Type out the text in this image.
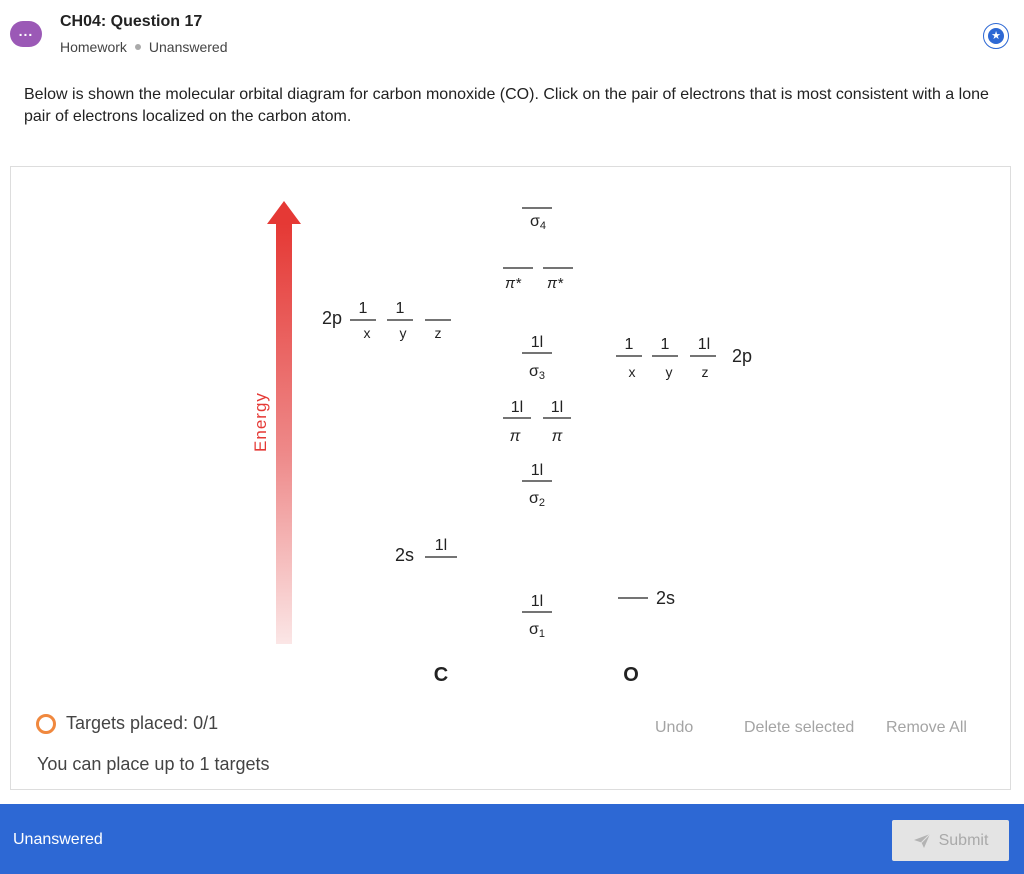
...
CH04: Question 17
Homework Unanswered
★
Below is shown the molecular orbital diagram for carbon monoxide (CO). Click on the pair of electrons that is most consistent with a lone pair of electrons localized on the carbon atom.
Energy
2p 1 1
x y z
2s 1l
C
σ4
π* π*
1l
σ3
1l 1l
π π
1l
σ2
1l
σ1
1 1 1l
2p
x y z
2s
O
Targets placed: 0/1
You can place up to 1 targets
Undo	Delete selected Remove All
Unanswered	Submit
